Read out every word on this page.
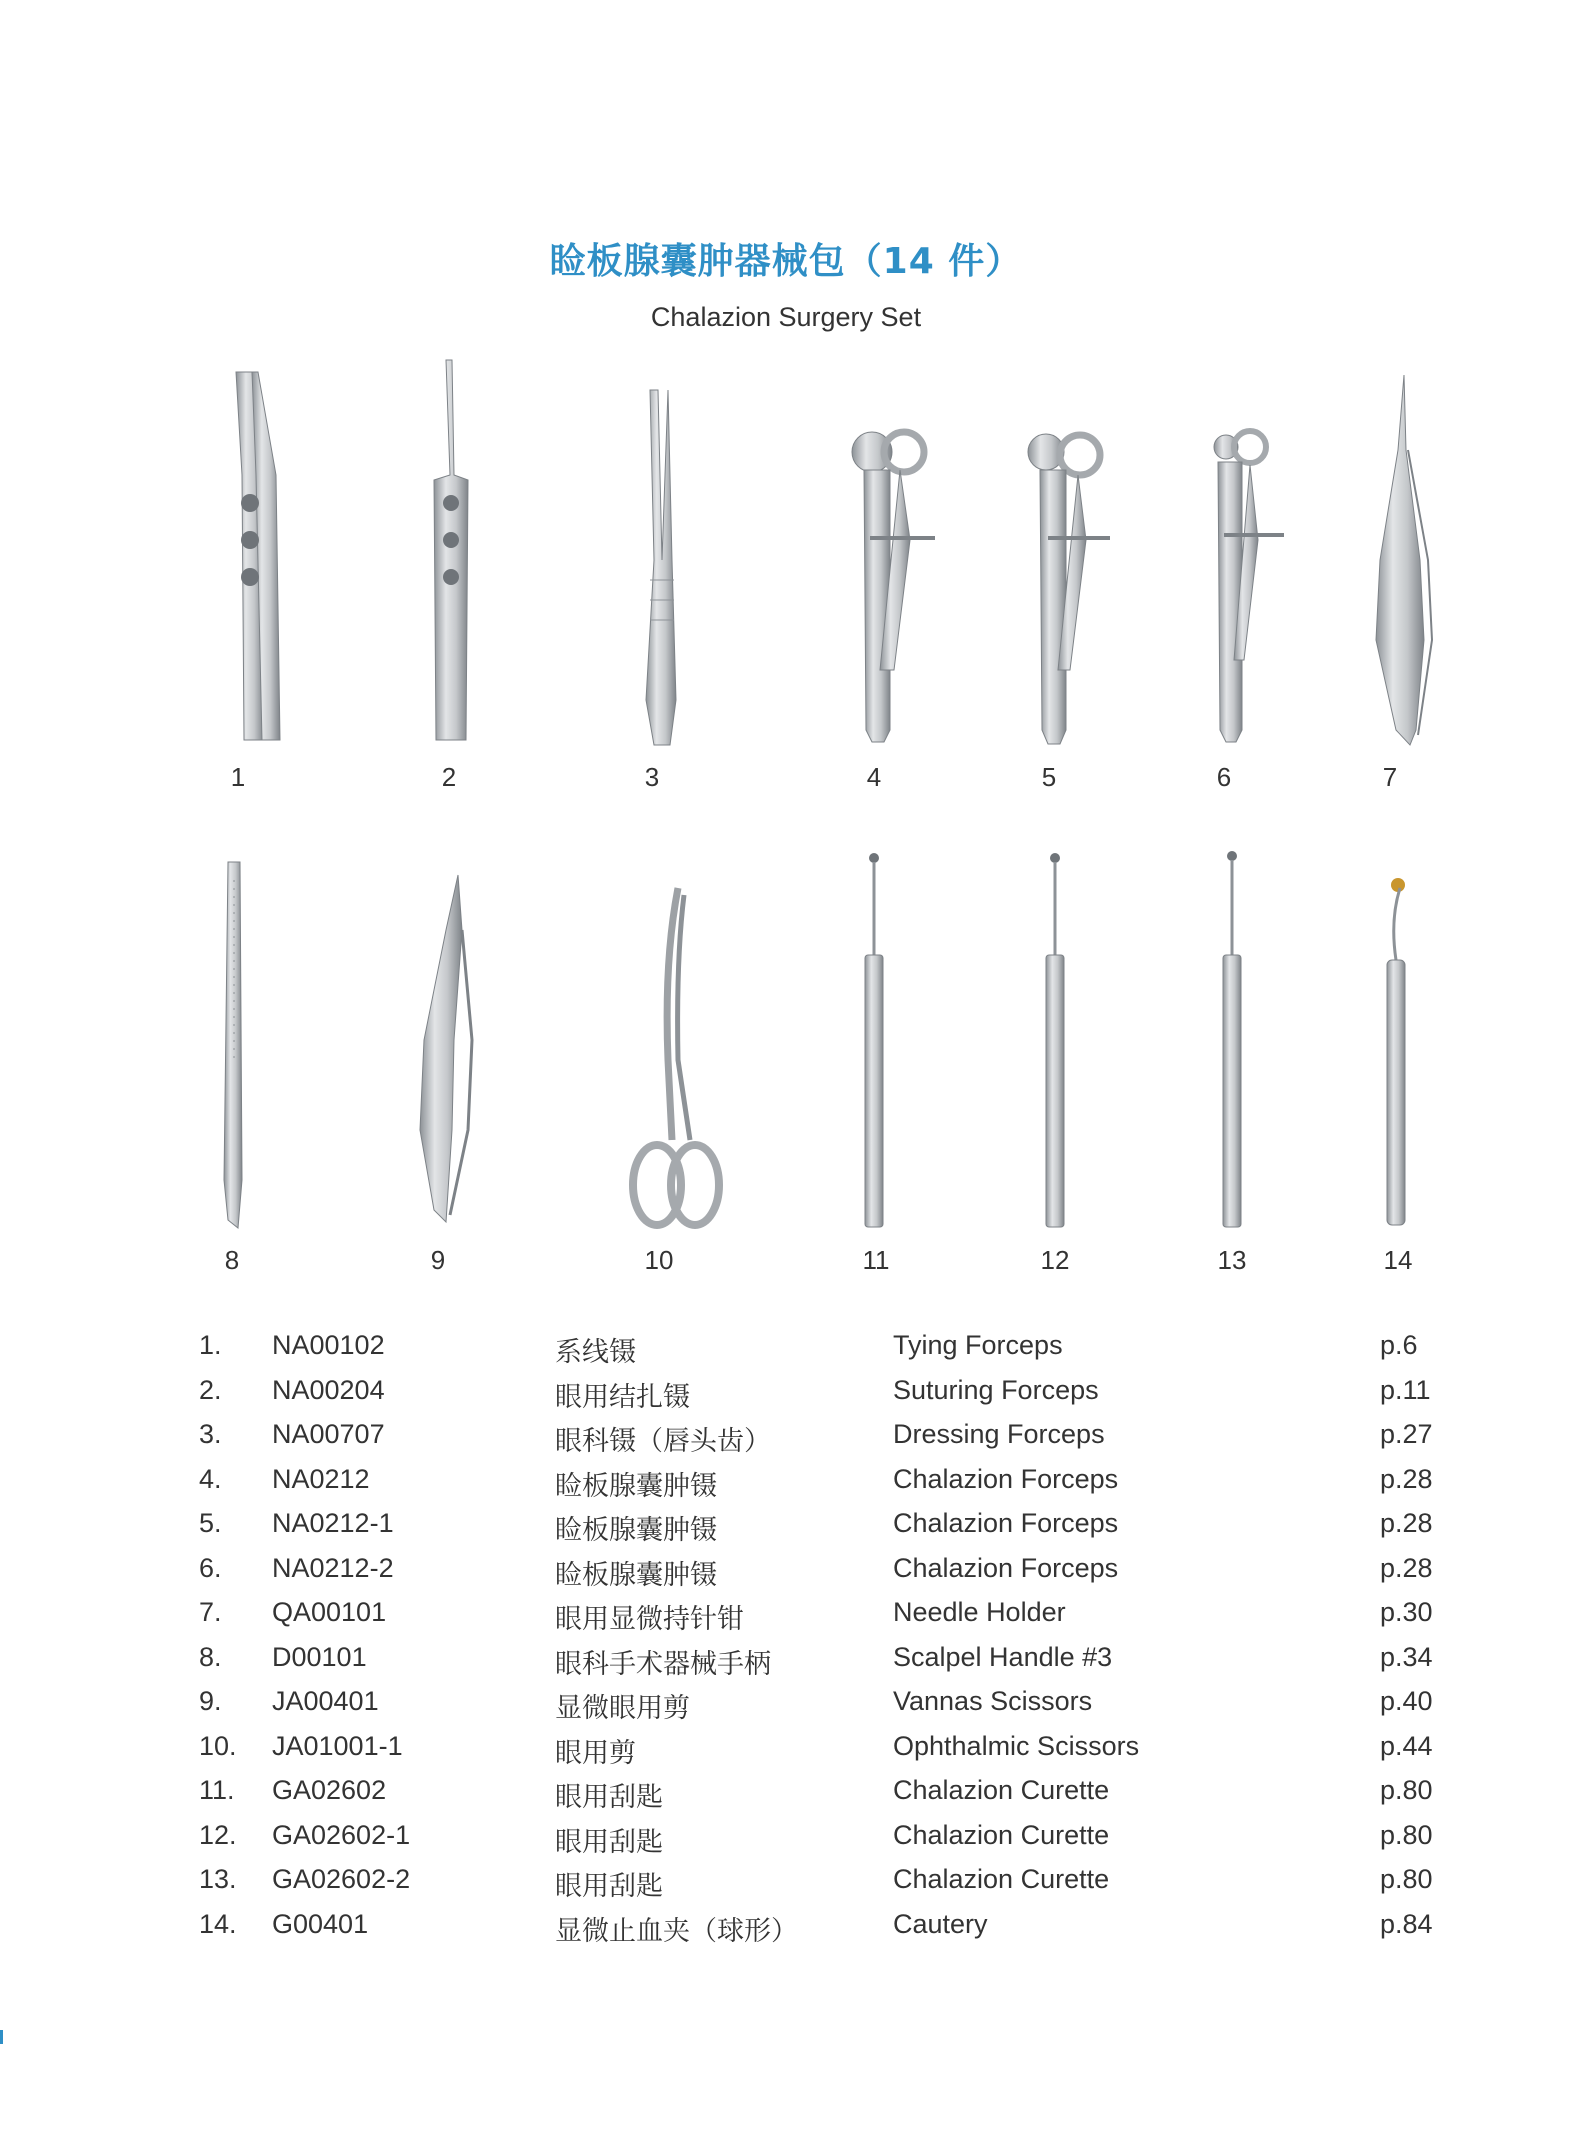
睑板腺囊肿器械包（14 件）
Chalazion Surgery Set
1	2	3	4	5	6	7
8	9	10	11	12	13	14
1. NA00102	系线镊	Tying Forceps	p.6
2. NA00204	眼用结扎镊	Suturing Forceps	p.11
3. NA00707	眼科镊（唇头齿）	Dressing Forceps	p.27
4. NA0212	睑板腺囊肿镊	Chalazion Forceps	p.28
5. NA0212-1	睑板腺囊肿镊	Chalazion Forceps	p.28
6. NA0212-2	睑板腺囊肿镊	Chalazion Forceps	p.28
7. QA00101	眼用显微持针钳	Needle Holder	p.30
8. D00101	眼科手术器械手柄	Scalpel Handle #3	p.34
9. JA00401	显微眼用剪	Vannas Scissors	p.40
10. JA01001-1	眼用剪	Ophthalmic Scissors	p.44
11. GA02602	眼用刮匙	Chalazion Curette	p.80
12. GA02602-1	眼用刮匙	Chalazion Curette	p.80
13. GA02602-2	眼用刮匙	Chalazion Curette	p.80
14. G00401	显微止血夹（球形）	Cautery	p.84
